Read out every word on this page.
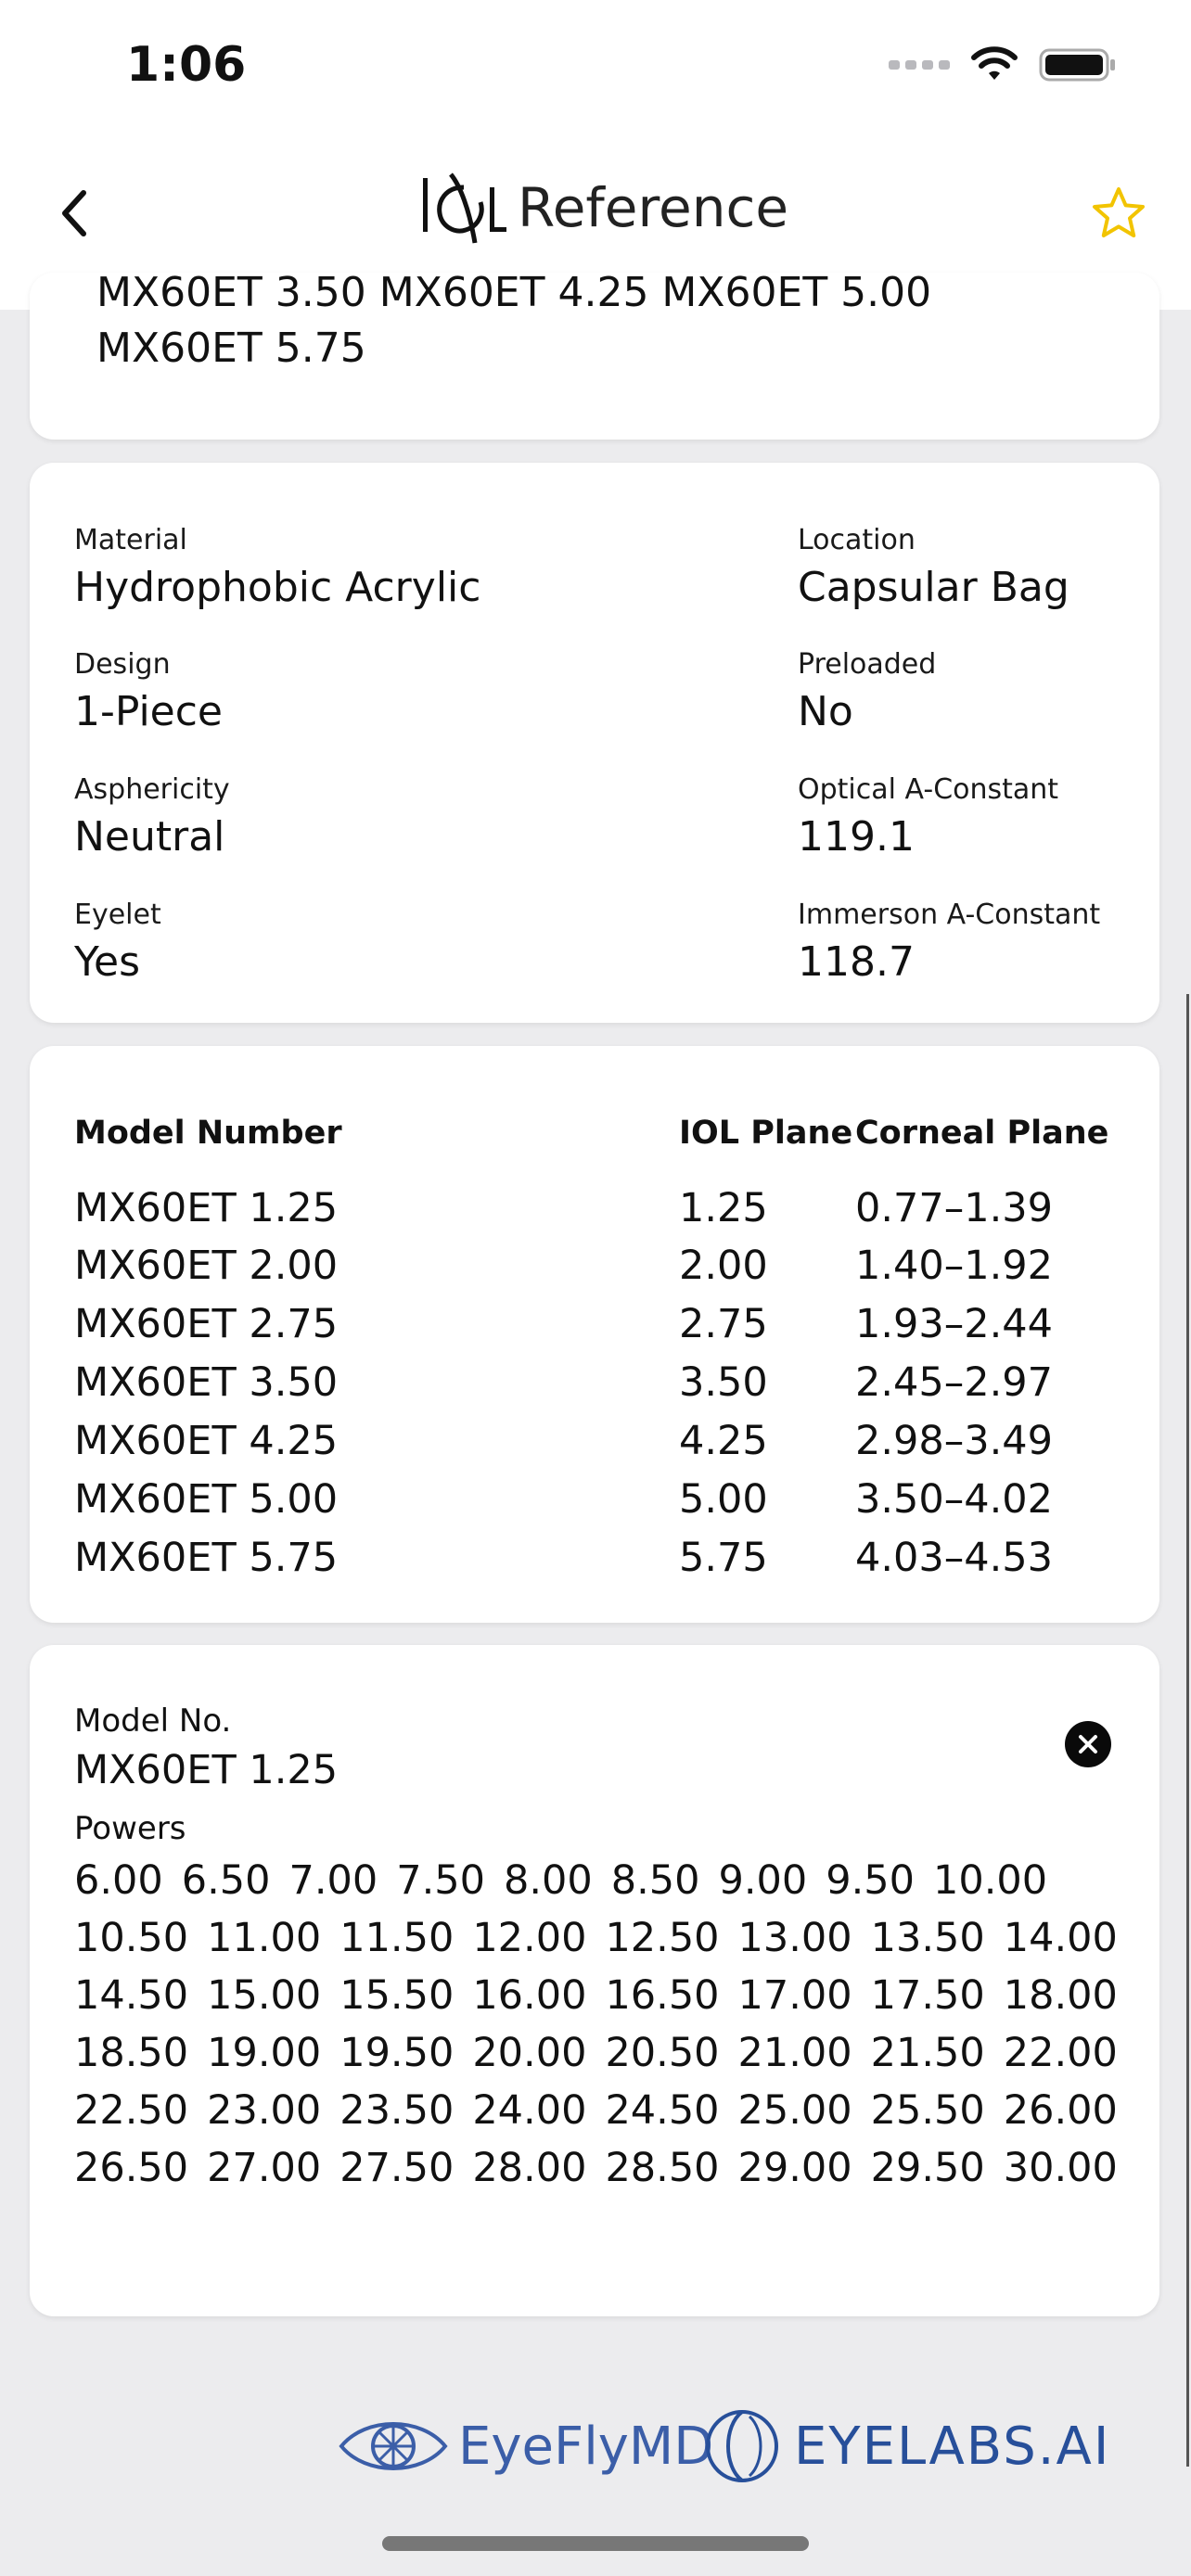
1:06
Reference
MX60ET 3.50 MX60ET 4.25 MX60ET 5.00
MX60ET 5.75
Material
Hydrophobic Acrylic
Location
Capsular Bag
Design
1-Piece
Preloaded
No
Asphericity
Neutral
Optical A-Constant
119.1
Eyelet
Yes
Immerson A-Constant
118.7
Model Number	IOL Plane Corneal Plane
MX60ET 1.25	1.25 0.77–1.39
MX60ET 2.00	2.00 1.40–1.92
MX60ET 2.75	2.75 1.93–2.44
MX60ET 3.50	3.50 2.45–2.97
MX60ET 4.25	4.25 2.98–3.49
MX60ET 5.00	5.00 3.50–4.02
MX60ET 5.75	5.75 4.03–4.53
Model No.
MX60ET 1.25
Powers
6.00 6.50 7.00 7.50 8.00 8.50 9.00 9.50 10.00
10.50 11.00 11.50 12.00 12.50 13.00 13.50 14.00
14.50 15.00 15.50 16.00 16.50 17.00 17.50 18.00
18.50 19.00 19.50 20.00 20.50 21.00 21.50 22.00
22.50 23.00 23.50 24.00 24.50 25.00 25.50 26.00
26.50 27.00 27.50 28.00 28.50 29.00 29.50 30.00
EyeFlyMD EYELABS.AI
